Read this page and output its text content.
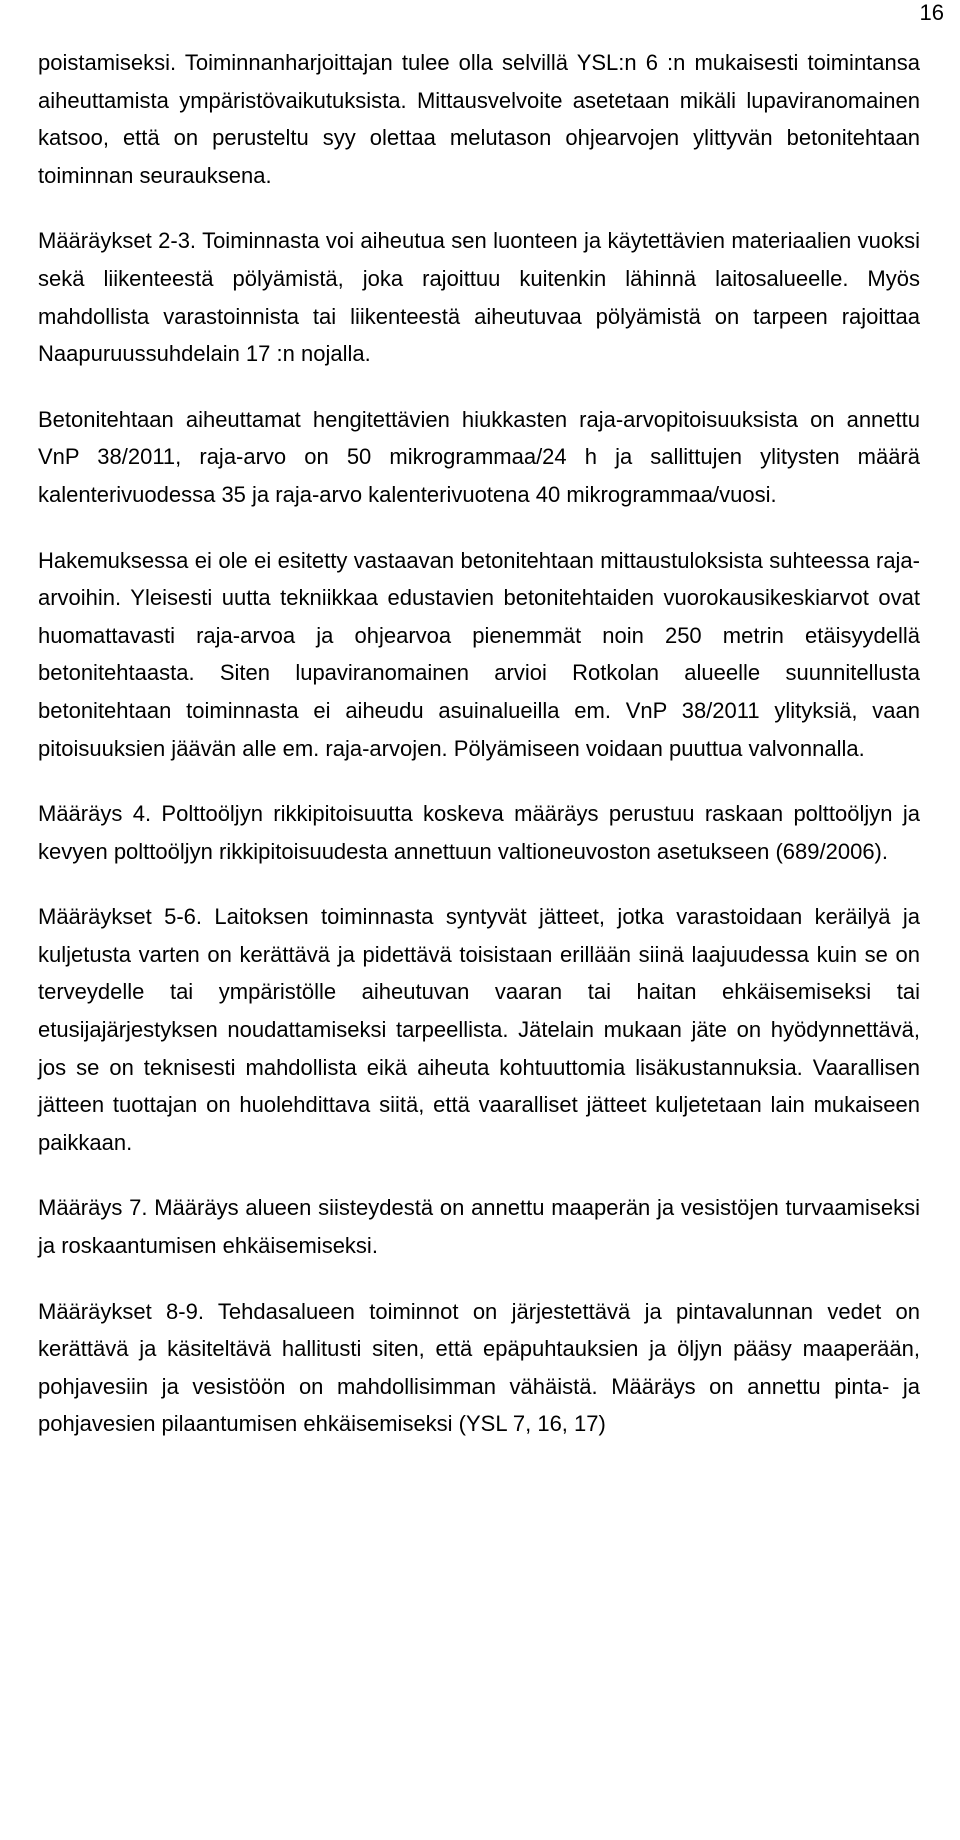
16

poistamiseksi. Toiminnanharjoittajan tulee olla selvillä YSL:n 6 :n mukaisesti toimintansa aiheuttamista ympäristövaikutuksista. Mittausvelvoite asetetaan mikäli lupaviranomainen katsoo, että on perusteltu syy olettaa melutason ohjearvojen ylittyvän betonitehtaan toiminnan seurauksena.

Määräykset 2-3. Toiminnasta voi aiheutua sen luonteen ja käytettävien materiaalien vuoksi sekä liikenteestä pölyämistä, joka rajoittuu kuitenkin lähinnä laitosalueelle. Myös mahdollista varastoinnista tai liikenteestä aiheutuvaa pölyämistä on tarpeen rajoittaa Naapuruussuhdelain 17 :n nojalla.

Betonitehtaan aiheuttamat hengitettävien hiukkasten raja-arvopitoisuuksista on annettu VnP 38/2011, raja-arvo on 50 mikrogrammaa/24 h ja sallittujen ylitysten määrä kalenterivuodessa 35 ja raja-arvo kalenterivuotena 40 mikrogrammaa/vuosi.

Hakemuksessa ei ole ei esitetty vastaavan betonitehtaan mittaustuloksista suhteessa raja-arvoihin. Yleisesti uutta tekniikkaa edustavien betonitehtaiden vuorokausikeskiarvot ovat huomattavasti raja-arvoa ja ohjearvoa pienemmät noin 250 metrin etäisyydellä betonitehtaasta. Siten lupaviranomainen arvioi Rotkolan alueelle suunnitellusta betonitehtaan toiminnasta ei aiheudu asuinalueilla em. VnP 38/2011 ylityksiä, vaan pitoisuuksien jäävän alle em. raja-arvojen. Pölyämiseen voidaan puuttua valvonnalla.

Määräys 4. Polttoöljyn rikkipitoisuutta koskeva määräys perustuu raskaan polttoöljyn ja kevyen polttoöljyn rikkipitoisuudesta annettuun valtioneuvoston asetukseen (689/2006).

Määräykset 5-6. Laitoksen toiminnasta syntyvät jätteet, jotka varastoidaan keräilyä ja kuljetusta varten on kerättävä ja pidettävä toisistaan erillään siinä laajuudessa kuin se on terveydelle tai ympäristölle aiheutuvan vaaran tai haitan ehkäisemiseksi tai etusijajärjestyksen noudattamiseksi tarpeellista. Jätelain mukaan jäte on hyödynnettävä, jos se on teknisesti mahdollista eikä aiheuta kohtuuttomia lisäkustannuksia. Vaarallisen jätteen tuottajan on huolehdittava siitä, että vaaralliset jätteet kuljetetaan lain mukaiseen paikkaan.

Määräys 7. Määräys alueen siisteydestä on annettu maaperän ja vesistöjen turvaamiseksi ja roskaantumisen ehkäisemiseksi.

Määräykset 8-9. Tehdasalueen toiminnot on järjestettävä ja pintavalunnan vedet on kerättävä ja käsiteltävä hallitusti siten, että epäpuhtauksien ja öljyn pääsy maaperään, pohjavesiin ja vesistöön on mahdollisimman vähäistä. Määräys on annettu pinta- ja pohjavesien pilaantumisen ehkäisemiseksi (YSL 7, 16, 17)
